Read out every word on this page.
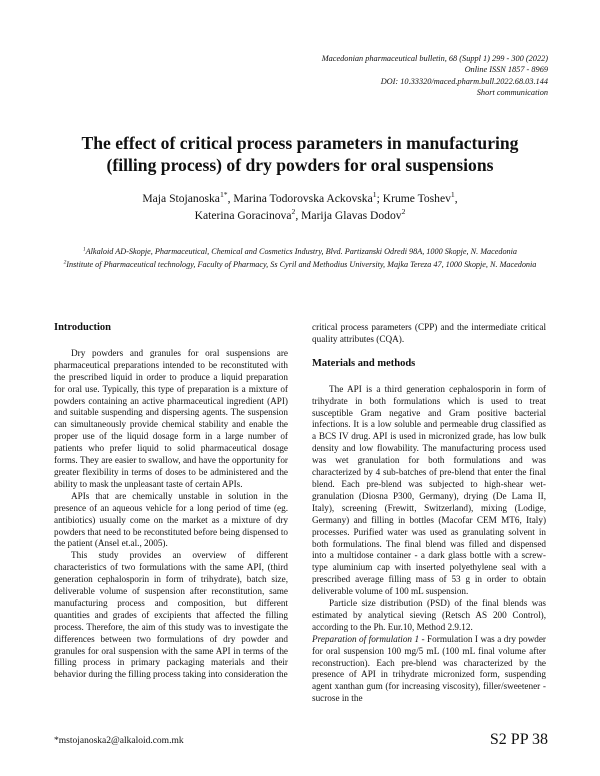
Macedonian pharmaceutical bulletin, 68 (Suppl 1) 299 - 300 (2022)
Online ISSN 1857 - 8969
DOI: 10.33320/maced.pharm.bull.2022.68.03.144
Short communication
The effect of critical process parameters in manufacturing (filling process) of dry powders for oral suspensions
Maja Stojanoska$^{1*}$, Marina Todorovska Ackovska$^1$; Krume Toshev$^1$,
Katerina Goracinova$^2$, Marija Glavas Dodov$^2$
$^1$Alkaloid AD-Skopje, Pharmaceutical, Chemical and Cosmetics Industry, Blvd. Partizanski Odredi 98A, 1000 Skopje, N. Macedonia
$^2$Institute of Pharmaceutical technology, Faculty of Pharmacy, Ss Cyril and Methodius University, Majka Tereza 47, 1000 Skopje, N. Macedonia
Introduction

Dry powders and granules for oral suspensions are pharmaceutical preparations intended to be reconstituted with the prescribed liquid in order to produce a liquid preparation for oral use. Typically, this type of preparation is a mixture of powders containing an active pharmaceutical ingredient (API) and suitable suspending and dispersing agents. The suspension can simultaneously provide chemical stability and enable the proper use of the liquid dosage form in a large number of patients who prefer liquid to solid pharmaceutical dosage forms. They are easier to swallow, and have the opportunity for greater flexibility in terms of doses to be administered and the ability to mask the unpleasant taste of certain APIs.

APIs that are chemically unstable in solution in the presence of an aqueous vehicle for a long period of time (eg. antibiotics) usually come on the market as a mixture of dry powders that need to be reconstituted before being dispensed to the patient (Ansel et.al., 2005).

This study provides an overview of different characteristics of two formulations with the same API, (third generation cephalosporin in form of trihydrate), batch size, deliverable volume of suspension after reconstitution, same manufacturing process and composition, but different quantities and grades of excipients that affected the filling process. Therefore, the aim of this study was to investigate the differences between two formulations of dry powder and granules for oral suspension with the same API in terms of the filling process in primary packaging materials and their behavior during the filling process taking into consideration the

critical process parameters (CPP) and the intermediate critical quality attributes (CQA).

Materials and methods

The API is a third generation cephalosporin in form of trihydrate in both formulations which is used to treat susceptible Gram negative and Gram positive bacterial infections. It is a low soluble and permeable drug classified as a BCS IV drug. API is used in micronized grade, has low bulk density and low flowability. The manufacturing process used was wet granulation for both formulations and was characterized by 4 sub-batches of pre-blend that enter the final blend. Each pre-blend was subjected to high-shear wet-granulation (Diosna P300, Germany), drying (De Lama II, Italy), screening (Frewitt, Switzerland), mixing (Lodige, Germany) and filling in bottles (Macofar CEM MT6, Italy) processes. Purified water was used as granulating solvent in both formulations. The final blend was filled and dispensed into a multidose container - a dark glass bottle with a screw-type aluminium cap with inserted polyethylene seal with a prescribed average filling mass of 53 g in order to obtain deliverable volume of 100 mL suspension.

Particle size distribution (PSD) of the final blends was estimated by analytical sieving (Retsch AS 200 Control), according to the Ph. Eur.10, Method 2.9.12.

Preparation of formulation 1 - Formulation I was a dry powder for oral suspension 100 mg/5 mL (100 mL final volume after reconstruction). Each pre-blend was characterized by the presence of API in trihydrate micronized form, suspending agent xanthan gum (for increasing viscosity), filler/sweetener - sucrose in the

*mstojanoska2@alkaloid.com.mk	S2 PP 38
